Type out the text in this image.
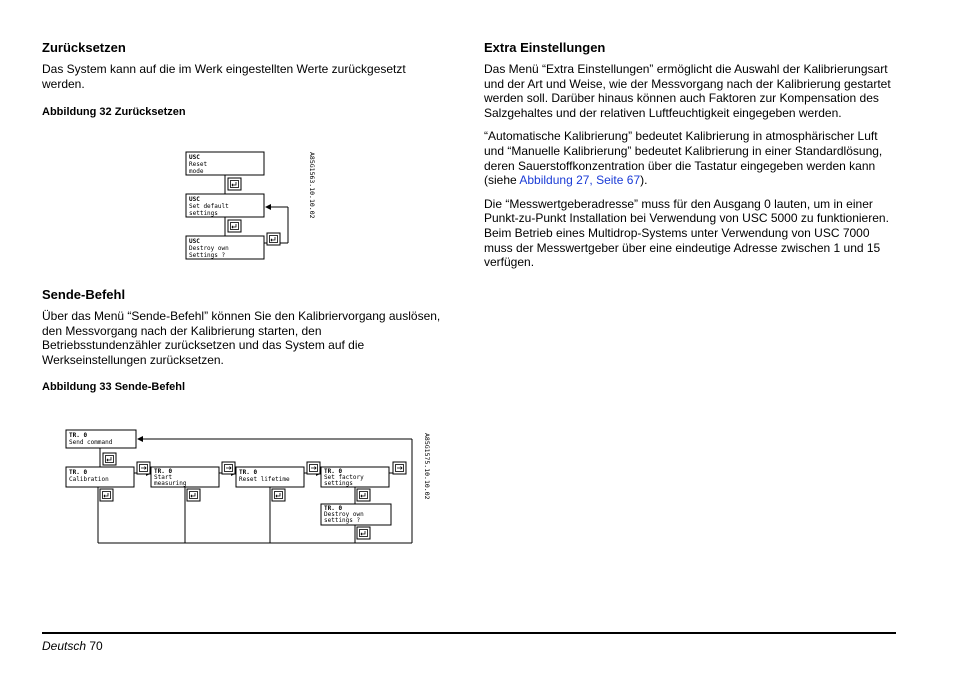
Zurücksetzen

Das System kann auf die im Werk eingestellten Werte zurückgesetzt werden.

Abbildung 32 Zurücksetzen
USC
Reset
mode
USC
Set default
settings
USC
Destroy own
Settings ?
A85G1563.10.10.02
Sende-Befehl

Über das Menü “Sende-Befehl” können Sie den Kalibriervorgang auslösen, den Messvorgang nach der Kalibrierung starten, den Betriebsstundenzähler zurücksetzen und das System auf die Werkseinstellungen zurücksetzen.

Abbildung 33 Sende-Befehl
TR. 0
Send command
TR. 0
Calibration
TR. 0
Start
measuring
TR. 0
Reset lifetime
TR. 0
Set factory
settings
TR. 0
Destroy own
settings ?
A85G1575.10.10.02
Extra Einstellungen

Das Menü “Extra Einstellungen” ermöglicht die Auswahl der Kalibrierungsart und der Art und Weise, wie der Messvorgang nach der Kalibrierung gestartet werden soll. Darüber hinaus können auch Faktoren zur Kompensation des Salzgehaltes und der relativen Luftfeuchtigkeit eingegeben werden.

“Automatische Kalibrierung” bedeutet Kalibrierung in atmosphärischer Luft und “Manuelle Kalibrierung” bedeutet Kalibrierung in einer Standardlösung, deren Sauerstoffkonzentration über die Tastatur eingegeben werden kann (siehe Abbildung 27, Seite 67).

Die “Messwertgeberadresse” muss für den Ausgang 0 lauten, um in einer Punkt-zu-Punkt Installation bei Verwendung von USC 5000 zu funktionieren. Beim Betrieb eines Multidrop-Systems unter Verwendung von USC 7000 muss der Messwertgeber über eine eindeutige Adresse zwischen 1 und 15 verfügen.

Deutsch 70
